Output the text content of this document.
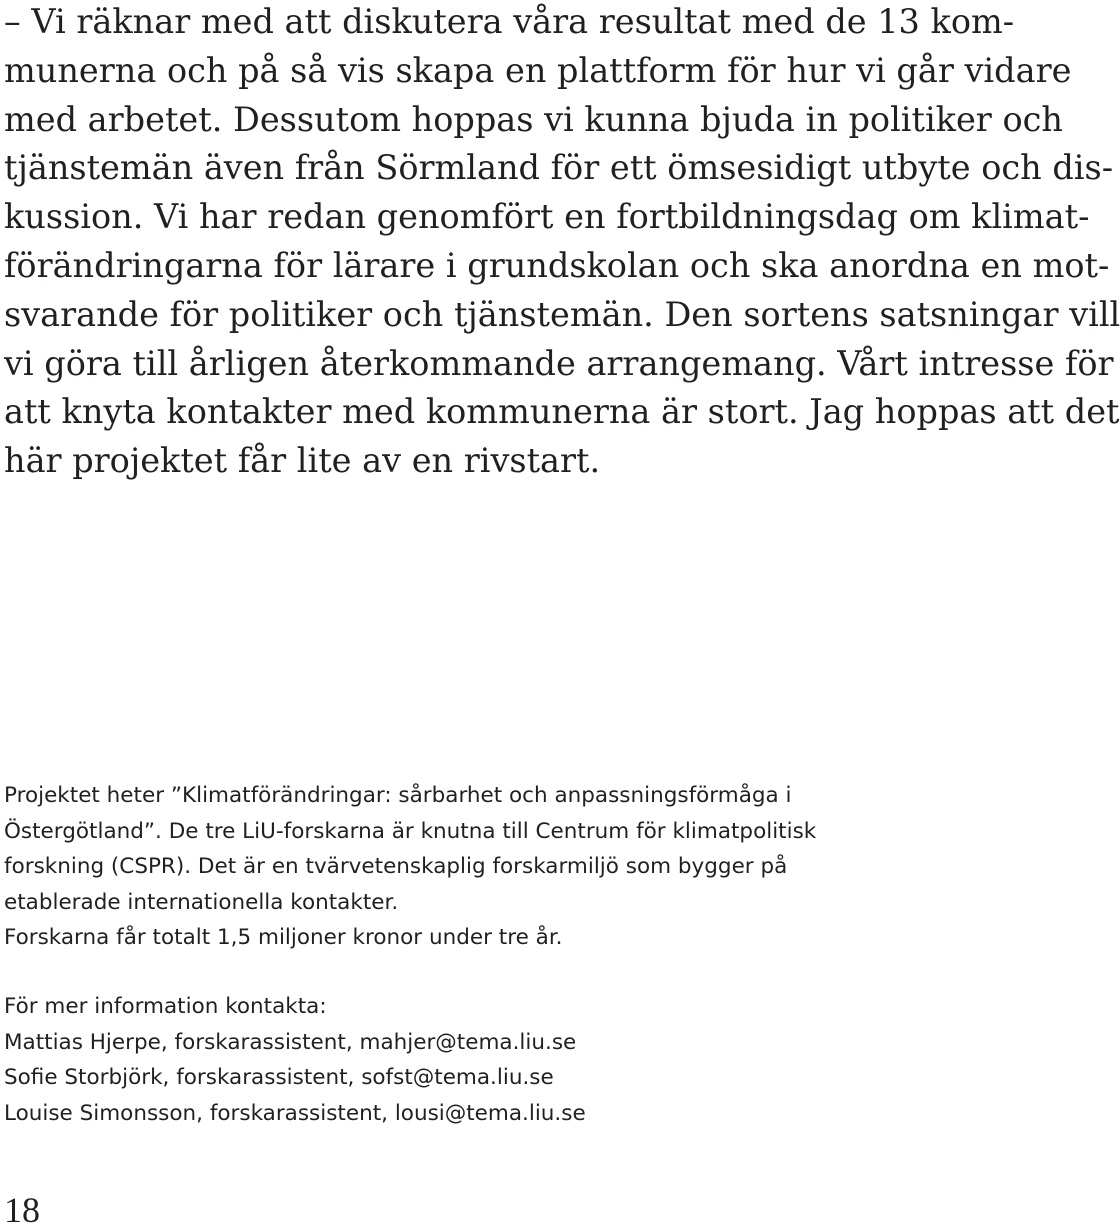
– Vi räknar med att diskutera våra resultat med de 13 kom-
munerna och på så vis skapa en plattform för hur vi går vidare
med arbetet. Dessutom hoppas vi kunna bjuda in politiker och
tjänstemän även från Sörmland för ett ömsesidigt utbyte och dis-
kussion. Vi har redan genomfört en fortbildningsdag om klimat-
förändringarna för lärare i grundskolan och ska anordna en mot-
svarande för politiker och tjänstemän. Den sortens satsningar vill
vi göra till årligen återkommande arrangemang. Vårt intresse för
att knyta kontakter med kommunerna är stort. Jag hoppas att det
här projektet får lite av en rivstart.
Projektet heter ”Klimatförändringar: sårbarhet och anpassningsförmåga i
Östergötland”. De tre LiU-forskarna är knutna till Centrum för klimatpolitisk
forskning (CSPR). Det är en tvärvetenskaplig forskarmiljö som bygger på
etablerade internationella kontakter.
Forskarna får totalt 1,5 miljoner kronor under tre år.
För mer information kontakta:
Mattias Hjerpe, forskarassistent, mahjer@tema.liu.se
Sofie Storbjörk, forskarassistent, sofst@tema.liu.se
Louise Simonsson, forskarassistent, lousi@tema.liu.se
18
